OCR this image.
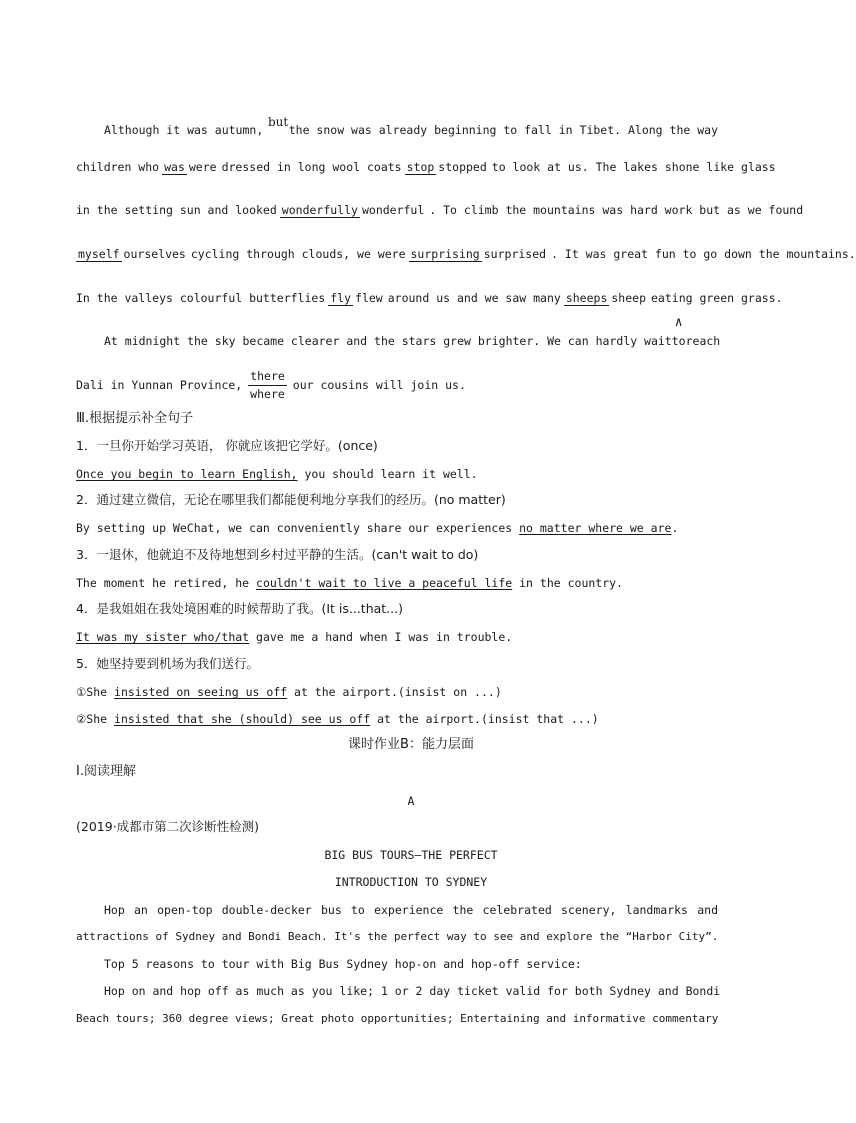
but
Although it was autumn, the snow was already beginning to fall in Tibet. Along the way
children who was were dressed in long wool coats stop stopped to look at us. The lakes shone like glass
in the setting sun and looked wonderfully wonderful . To climb the mountains was hard work but as we found
myself ourselves cycling through clouds, we were surprising surprised . It was great fun to go down the mountains.
In the valleys colourful butterflies fly flew around us and we saw many sheeps sheep eating green grass.
At midnight the sky became clearer and the stars grew brighter. We can hardly wait
∧
to reach
Dali in Yunnan Province, $\frac{\text{there}}{\text{where}}$ our cousins will join us.
Ⅲ.根据提示补全句子
1．一旦你开始学习英语， 你就应该把它学好。(once)
Once you begin to learn English, you should learn it well.
2．通过建立微信，无论在哪里我们都能便利地分享我们的经历。(no matter)
By setting up WeChat, we can conveniently share our experiences no matter where we are.
3．一退休，他就迫不及待地想到乡村过平静的生活。(can't wait to do)
The moment he retired, he couldn't wait to live a peaceful life in the country.
4．是我姐姐在我处境困难的时候帮助了我。(It is...that...)
It was my sister who/that gave me a hand when I was in trouble.
5．她坚持要到机场为我们送行。
①She insisted on seeing us off at the airport.(insist on ...)
②She insisted that she (should) see us off at the airport.(insist that ...)
课时作业B：能力层面
Ⅰ.阅读理解
A
(2019·成都市第二次诊断性检测)
BIG BUS TOURS—THE PERFECT
INTRODUCTION TO SYDNEY
Hop an open-top double-decker bus to experience the celebrated scenery, landmarks and
attractions of Sydney and Bondi Beach. It's the perfect way to see and explore the “Harbor City”.
Top 5 reasons to tour with Big Bus Sydney hop-on and hop-off service:
Hop on and hop off as much as you like; 1 or 2 day ticket valid for both Sydney and Bondi
Beach tours; 360 degree views; Great photo opportunities; Entertaining and informative commentary
